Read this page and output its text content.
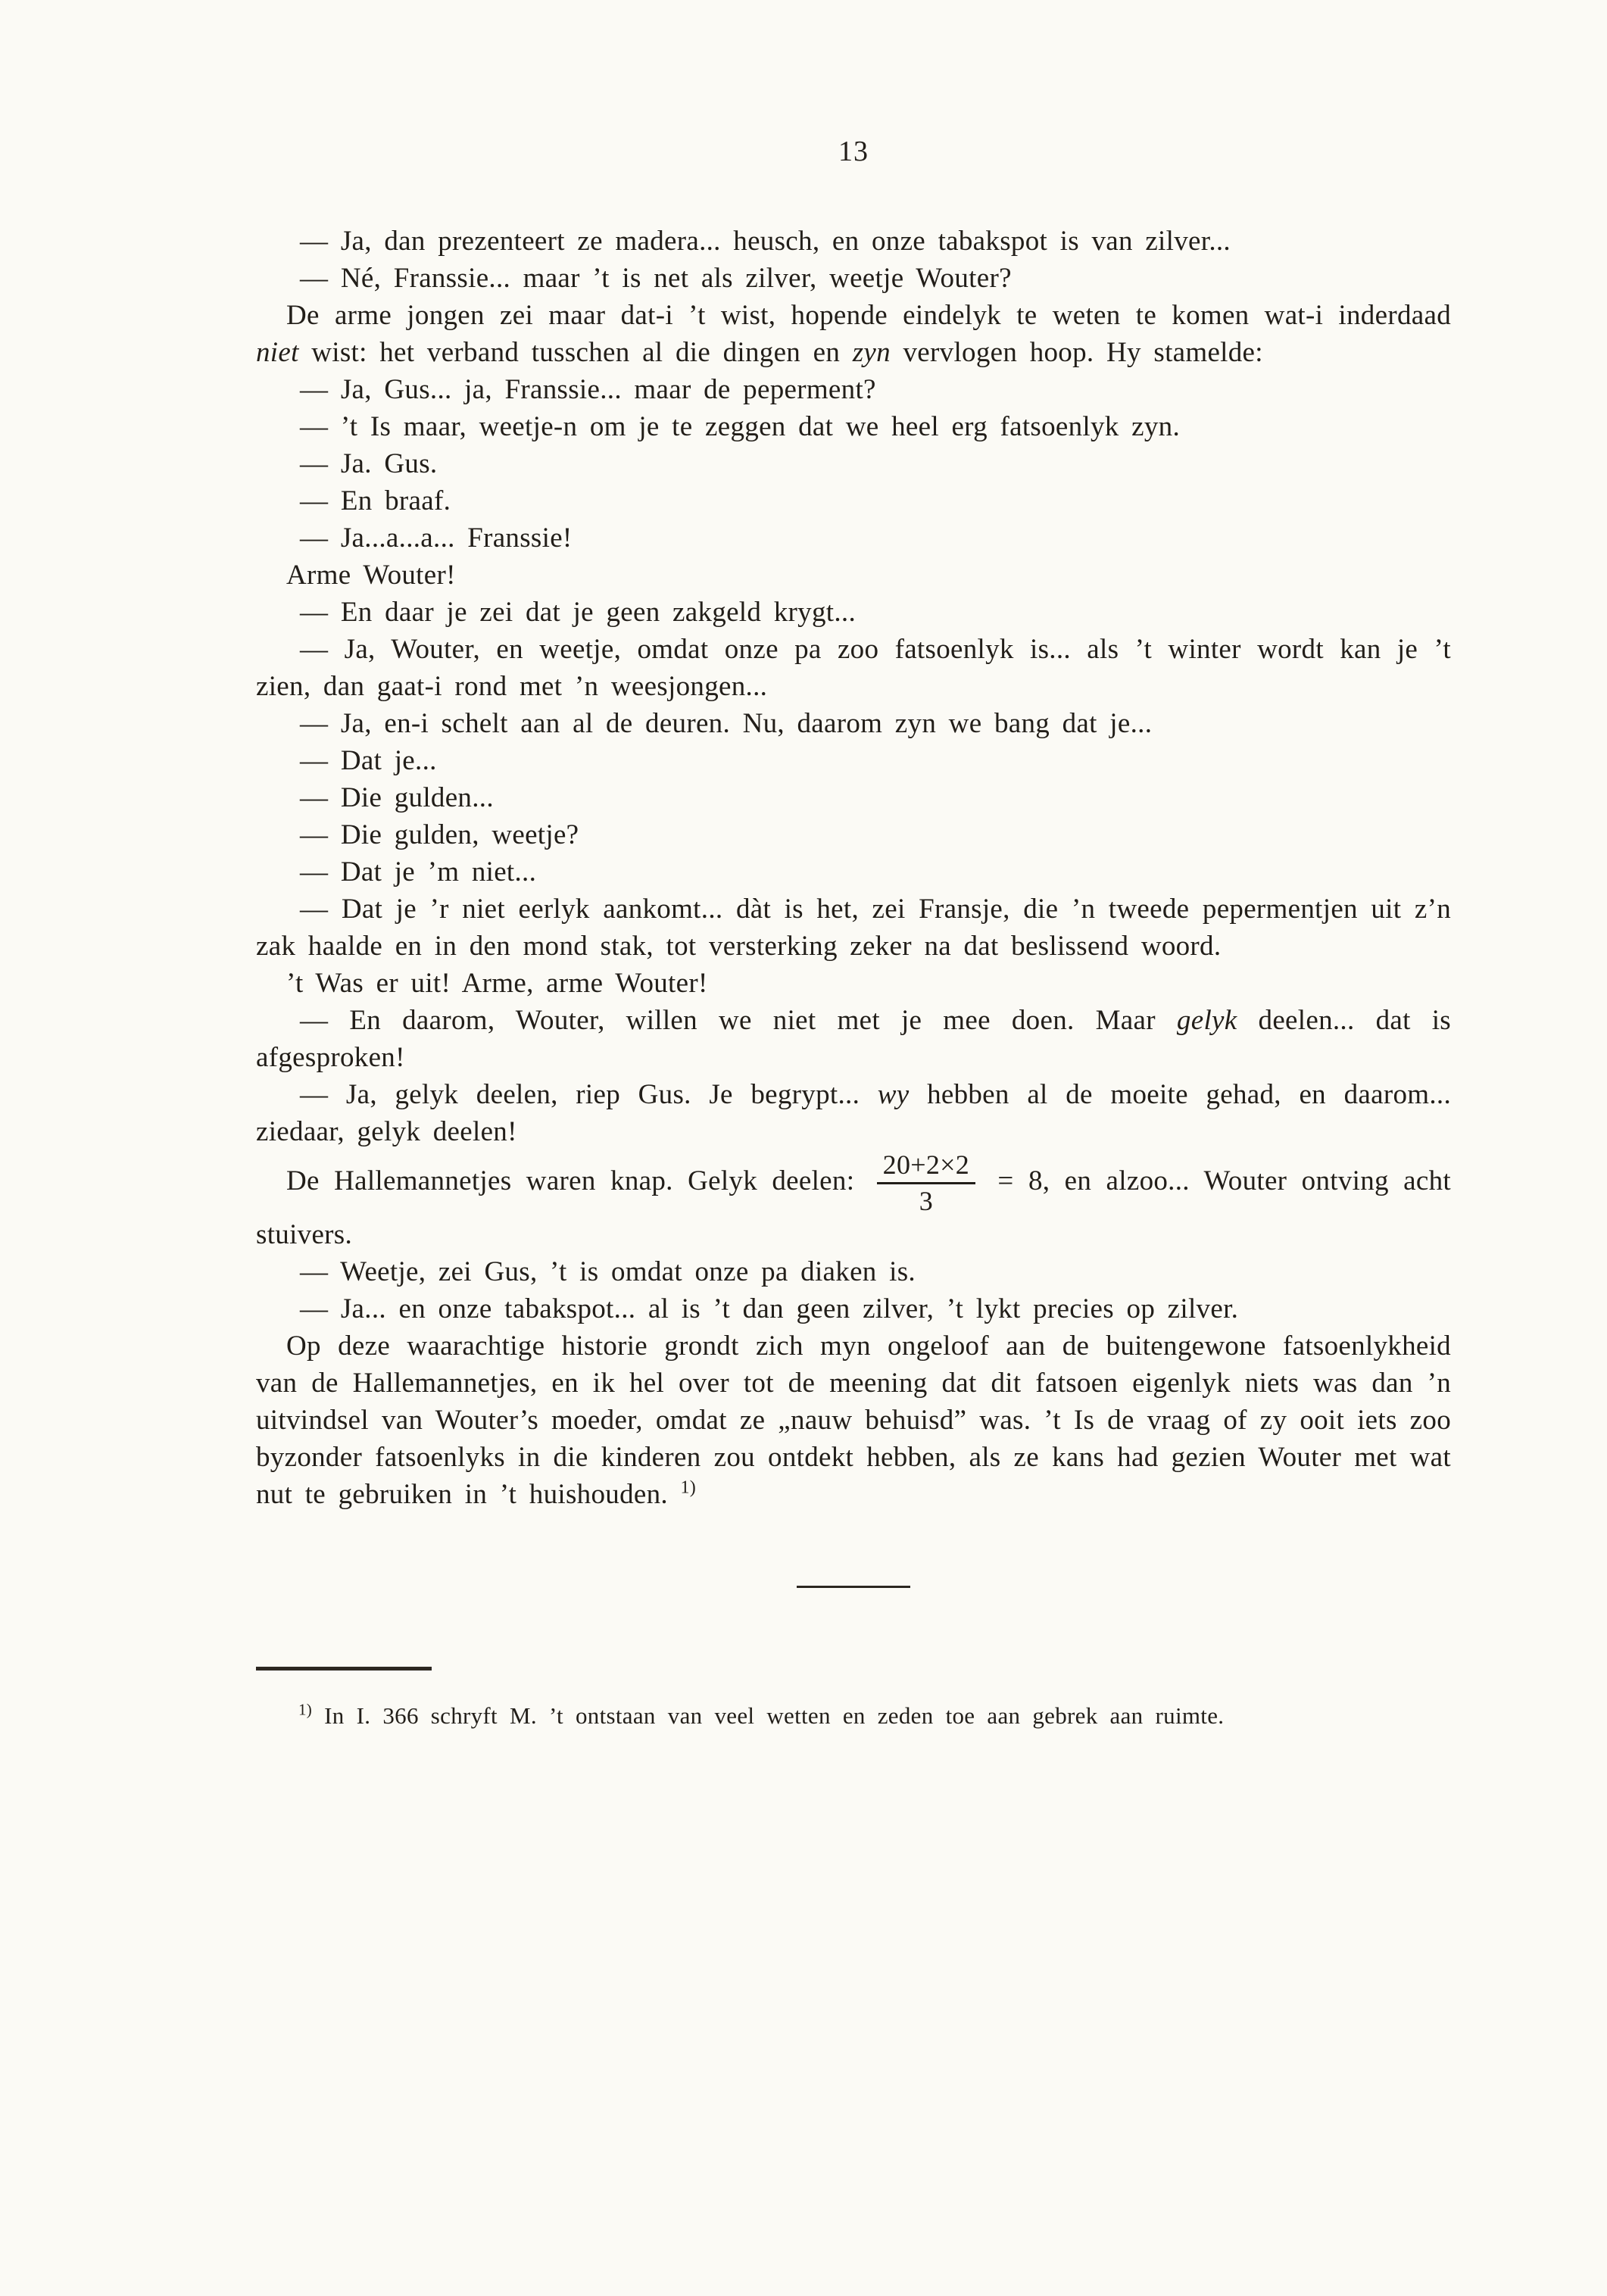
13

— Ja, dan prezenteert ze madera... heusch, en onze tabakspot is van zilver...

— Né, Franssie... maar ’t is net als zilver, weetje Wouter?

De arme jongen zei maar dat-i ’t wist, hopende eindelyk te weten te komen wat-i inderdaad niet wist: het verband tusschen al die dingen en zyn vervlogen hoop. Hy stamelde:

— Ja, Gus... ja, Franssie... maar de peperment?

— ’t Is maar, weetje-n om je te zeggen dat we heel erg fatsoenlyk zyn.

— Ja. Gus.

— En braaf.

— Ja...a...a... Franssie!

Arme Wouter!

— En daar je zei dat je geen zakgeld krygt...

— Ja, Wouter, en weetje, omdat onze pa zoo fatsoenlyk is... als ’t winter wordt kan je ’t zien, dan gaat-i rond met ’n weesjongen...

— Ja, en-i schelt aan al de deuren. Nu, daarom zyn we bang dat je...

— Dat je...

— Die gulden...

— Die gulden, weetje?

— Dat je ’m niet...

— Dat je ’r niet eerlyk aankomt... dàt is het, zei Fransje, die ’n tweede pepermentjen uit z’n zak haalde en in den mond stak, tot versterking zeker na dat beslissend woord.

’t Was er uit! Arme, arme Wouter!

— En daarom, Wouter, willen we niet met je mee doen. Maar gelyk deelen... dat is afgesproken!

— Ja, gelyk deelen, riep Gus. Je begrypt... wy hebben al de moeite gehad, en daarom... ziedaar, gelyk deelen!

De Hallemannetjes waren knap. Gelyk deelen: $\frac{20+2\times 2}{3} = 8$, en alzoo... Wouter ontving acht stuivers.

— Weetje, zei Gus, ’t is omdat onze pa diaken is.

— Ja... en onze tabakspot... al is ’t dan geen zilver, ’t lykt precies op zilver.

Op deze waarachtige historie grondt zich myn ongeloof aan de buitengewone fatsoenlykheid van de Hallemannetjes, en ik hel over tot de meening dat dit fatsoen eigenlyk niets was dan ’n uitvindsel van Wouter’s moeder, omdat ze „nauw behuisd” was. ’t Is de vraag of zy ooit iets zoo byzonder fatsoenlyks in die kinderen zou ontdekt hebben, als ze kans had gezien Wouter met wat nut te gebruiken in ’t huishouden. $^{1)}$

$^{1)}$ In I. 366 schryft M. ’t ontstaan van veel wetten en zeden toe aan gebrek aan ruimte.
